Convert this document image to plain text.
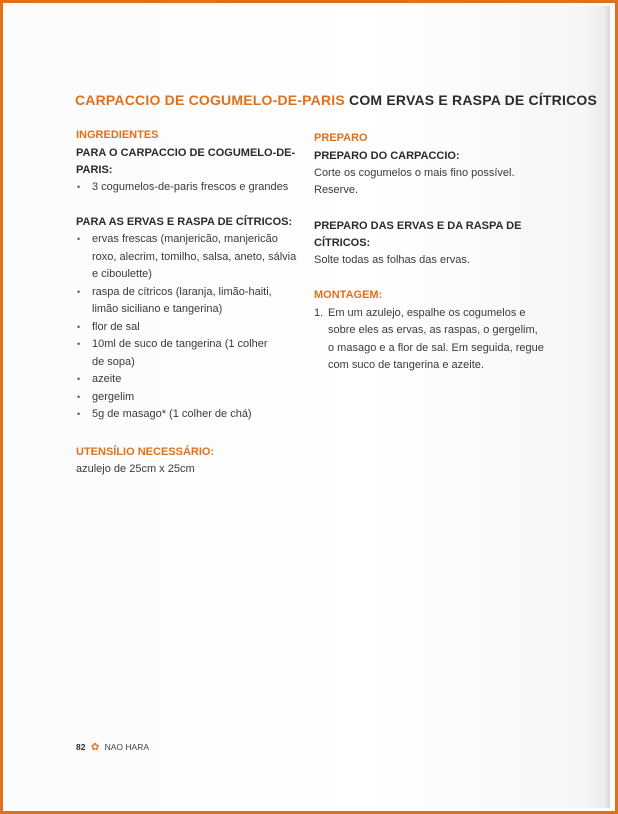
CARPACCIO DE COGUMELO-DE-PARIS COM ERVAS E RASPA DE CÍTRICOS

INGREDIENTES

PARA O CARPACCIO DE COGUMELO-DE-PARIS:

• 3 cogumelos-de-paris frescos e grandes

PARA AS ERVAS E RASPA DE CÍTRICOS:

• ervas frescas (manjericão, manjericão
roxo, alecrim, tomilho, salsa, aneto, sálvia
e ciboulette)
• raspa de cítricos (laranja, limão-haiti,
limão siciliano e tangerina)
• flor de sal
• 10ml de suco de tangerina (1 colher
de sopa)
• azeite
• gergelim
• 5g de masago* (1 colher de chá)

UTENSÍLIO NECESSÁRIO:

azulejo de 25cm x 25cm

PREPARO

PREPARO DO CARPACCIO:

Corte os cogumelos o mais fino possível.
Reserve.

PREPARO DAS ERVAS E DA RASPA DE CÍTRICOS:

Solte todas as folhas das ervas.

MONTAGEM:

1. Em um azulejo, espalhe os cogumelos e
sobre eles as ervas, as raspas, o gergelim,
o masago e a flor de sal. Em seguida, regue
com suco de tangerina e azeite.
82 ✿ NAO HARA
